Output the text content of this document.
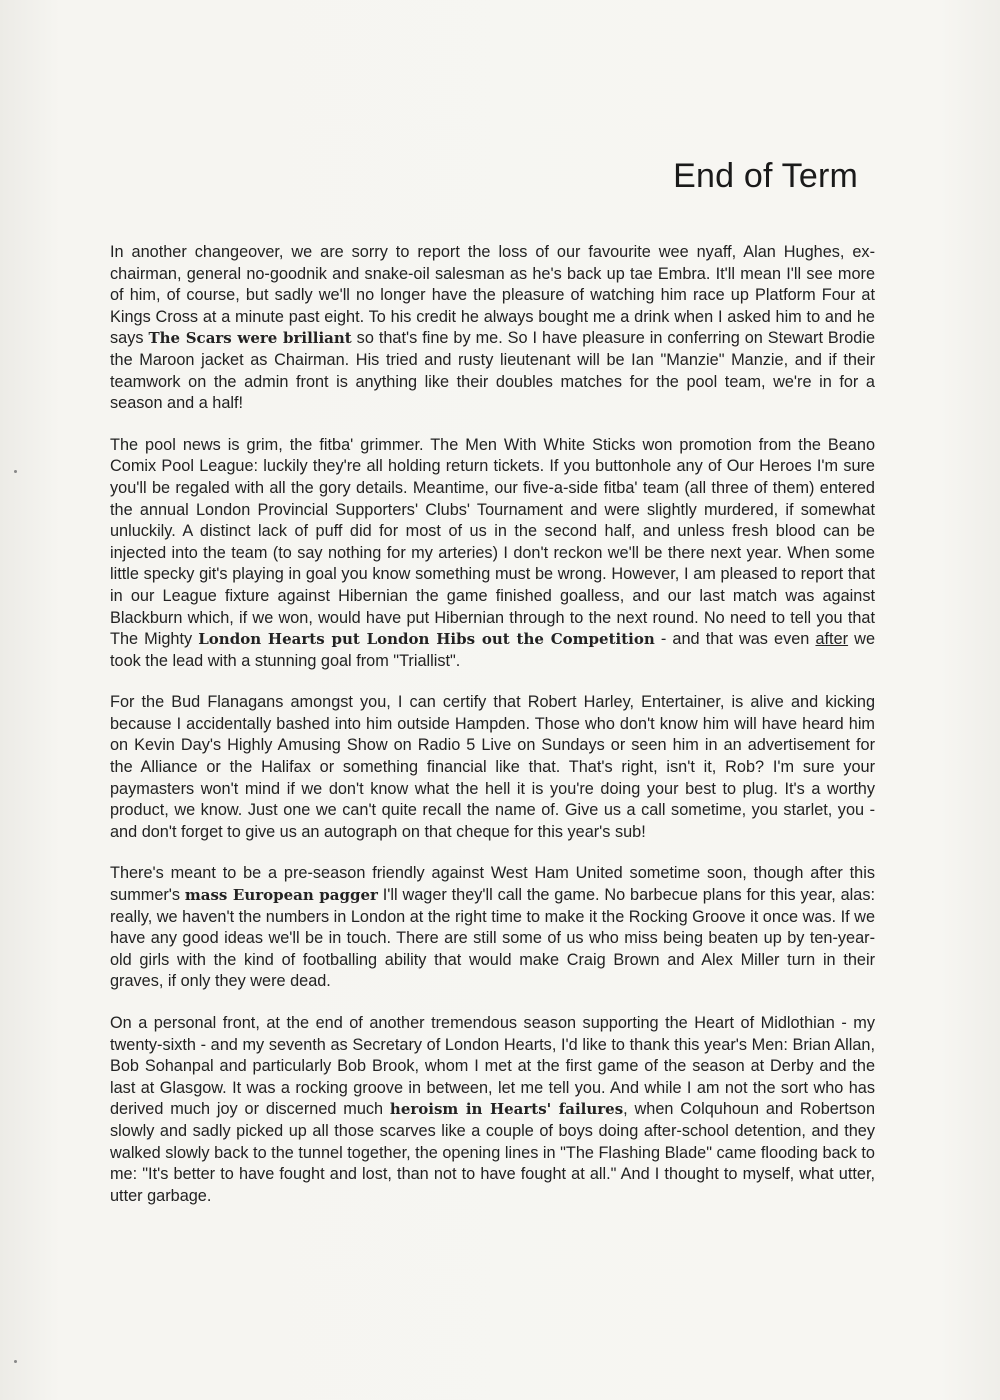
End of Term

In another changeover, we are sorry to report the loss of our favourite wee nyaff, Alan Hughes, ex-chairman, general no-goodnik and snake-oil salesman as he's back up tae Embra. It'll mean I'll see more of him, of course, but sadly we'll no longer have the pleasure of watching him race up Platform Four at Kings Cross at a minute past eight. To his credit he always bought me a drink when I asked him to and he says The Scars were brilliant so that's fine by me. So I have pleasure in conferring on Stewart Brodie the Maroon jacket as Chairman. His tried and rusty lieutenant will be Ian "Manzie" Manzie, and if their teamwork on the admin front is anything like their doubles matches for the pool team, we're in for a season and a half!

The pool news is grim, the fitba' grimmer. The Men With White Sticks won promotion from the Beano Comix Pool League: luckily they're all holding return tickets. If you buttonhole any of Our Heroes I'm sure you'll be regaled with all the gory details. Meantime, our five-a-side fitba' team (all three of them) entered the annual London Provincial Supporters' Clubs' Tournament and were slightly murdered, if somewhat unluckily. A distinct lack of puff did for most of us in the second half, and unless fresh blood can be injected into the team (to say nothing for my arteries) I don't reckon we'll be there next year. When some little specky git's playing in goal you know something must be wrong. However, I am pleased to report that in our League fixture against Hibernian the game finished goalless, and our last match was against Blackburn which, if we won, would have put Hibernian through to the next round. No need to tell you that The Mighty London Hearts put London Hibs out the Competition - and that was even after we took the lead with a stunning goal from "Triallist".

For the Bud Flanagans amongst you, I can certify that Robert Harley, Entertainer, is alive and kicking because I accidentally bashed into him outside Hampden. Those who don't know him will have heard him on Kevin Day's Highly Amusing Show on Radio 5 Live on Sundays or seen him in an advertisement for the Alliance or the Halifax or something financial like that. That's right, isn't it, Rob? I'm sure your paymasters won't mind if we don't know what the hell it is you're doing your best to plug. It's a worthy product, we know. Just one we can't quite recall the name of. Give us a call sometime, you starlet, you - and don't forget to give us an autograph on that cheque for this year's sub!

There's meant to be a pre-season friendly against West Ham United sometime soon, though after this summer's mass European pagger I'll wager they'll call the game. No barbecue plans for this year, alas: really, we haven't the numbers in London at the right time to make it the Rocking Groove it once was. If we have any good ideas we'll be in touch. There are still some of us who miss being beaten up by ten-year-old girls with the kind of footballing ability that would make Craig Brown and Alex Miller turn in their graves, if only they were dead.

On a personal front, at the end of another tremendous season supporting the Heart of Midlothian - my twenty-sixth - and my seventh as Secretary of London Hearts, I'd like to thank this year's Men: Brian Allan, Bob Sohanpal and particularly Bob Brook, whom I met at the first game of the season at Derby and the last at Glasgow. It was a rocking groove in between, let me tell you. And while I am not the sort who has derived much joy or discerned much heroism in Hearts' failures, when Colquhoun and Robertson slowly and sadly picked up all those scarves like a couple of boys doing after-school detention, and they walked slowly back to the tunnel together, the opening lines in "The Flashing Blade" came flooding back to me: "It's better to have fought and lost, than not to have fought at all." And I thought to myself, what utter, utter garbage.
